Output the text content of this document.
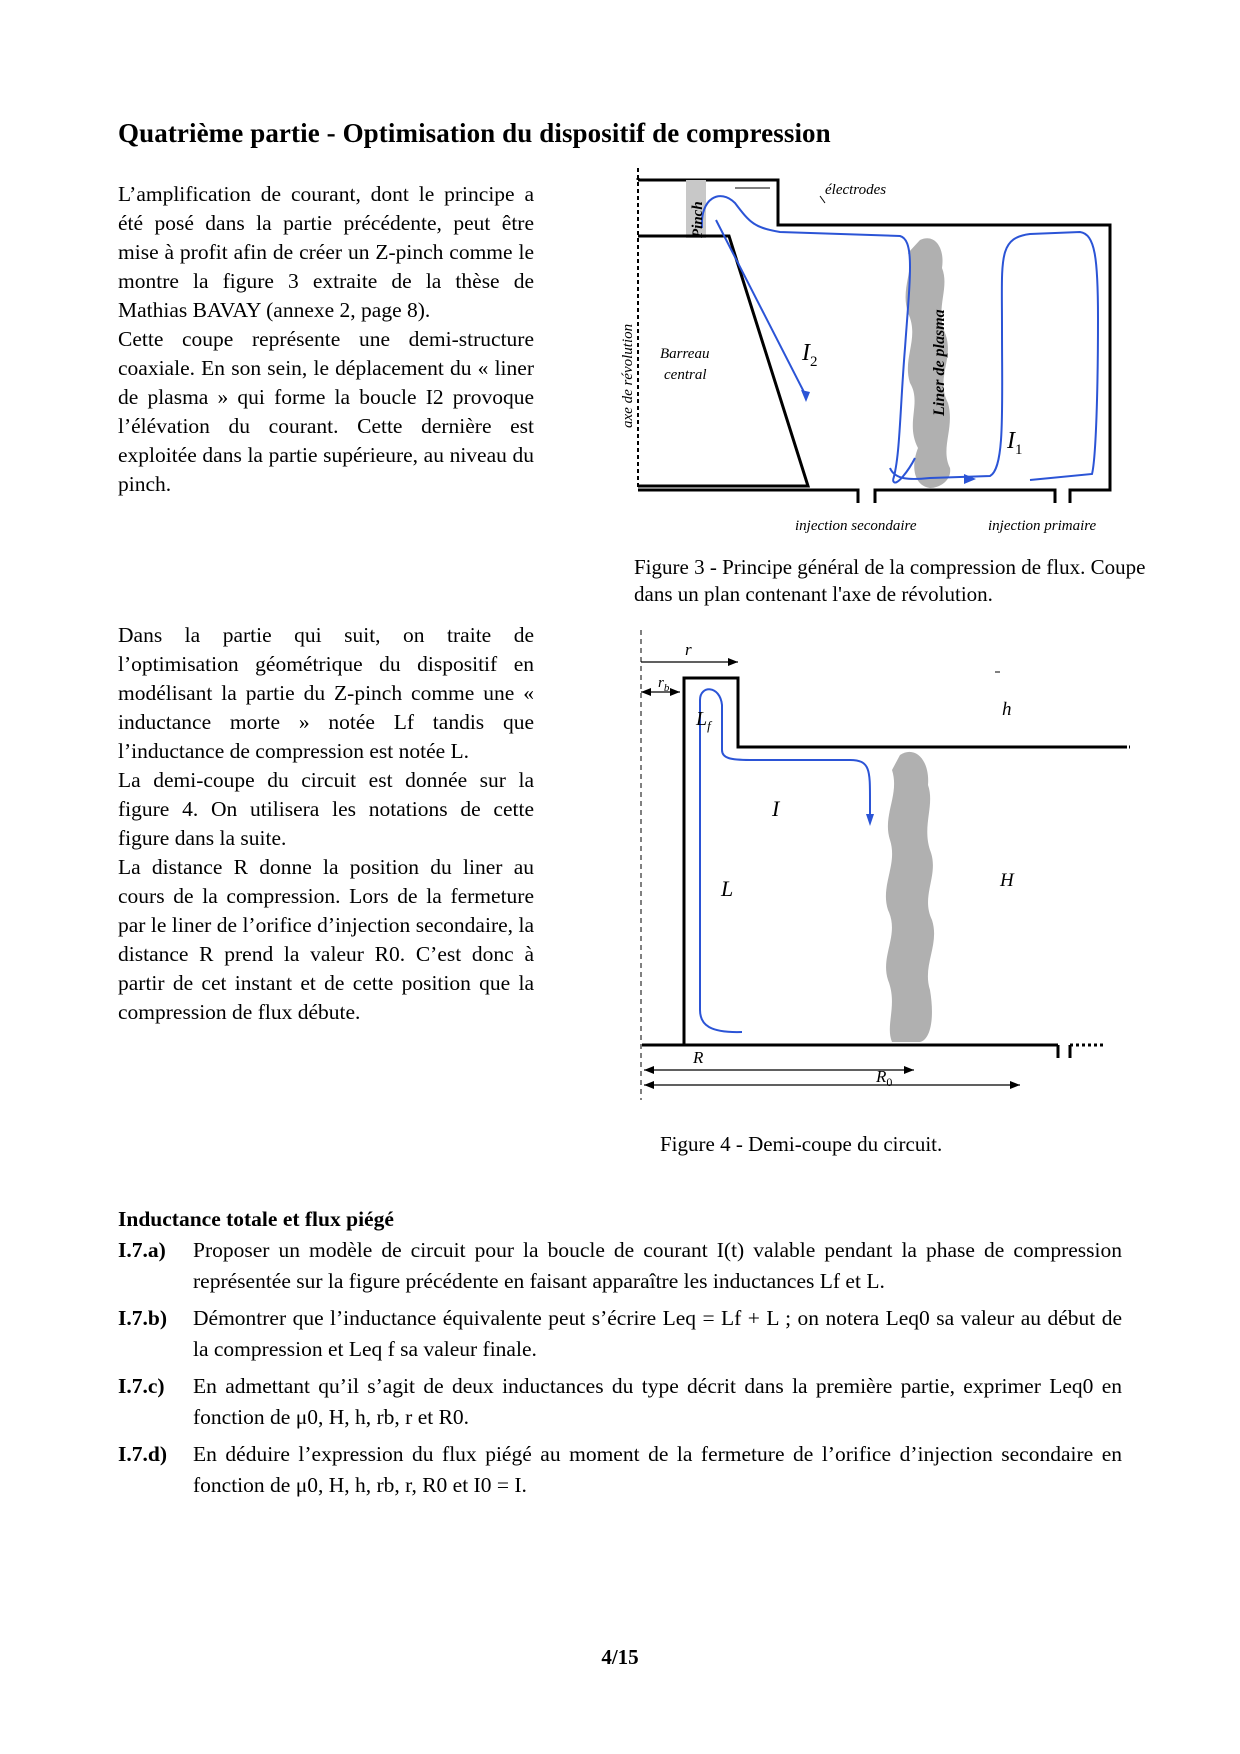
Quatrième partie - Optimisation du dispositif de compression

L’amplification de courant, dont le principe a été posé dans la partie précédente, peut être mise à profit afin de créer un Z-pinch comme le montre la figure 3 extraite de la thèse de Mathias BAVAY (annexe 2, page 8).

Cette coupe représente une demi-structure coaxiale. En son sein, le déplacement du « liner de plasma » qui forme la boucle I2 provoque l’élévation du courant. Cette dernière est exploitée dans la partie supérieure, au niveau du pinch.

Dans la partie qui suit, on traite de l’optimisation géométrique du dispositif en modélisant la partie du Z-pinch comme une « inductance morte » notée Lf tandis que l’inductance de compression est notée L.

La demi-coupe du circuit est donnée sur la figure 4. On utilisera les notations de cette figure dans la suite.

La distance R donne la position du liner au cours de la compression. Lors de la fermeture par le liner de l’orifice d’injection secondaire, la distance R prend la valeur R0. C’est donc à partir de cet instant et de cette position que la compression de flux débute.

Pinch
électrodes
axe de révolution Barreau
central	Liner de plasma
$I_2$
$I_1$
injection secondaire	injection primaire
Figure 3 - Principe général de la compression de flux. Coupe dans un plan contenant l'axe de révolution.
r
$r_b$
$L_f$
h
I
L	H
R
$R_0$
Figure 4 - Demi-coupe du circuit.
Inductance totale et flux piégé
I.7.a)	Proposer un modèle de circuit pour la boucle de courant I(t) valable pendant la phase de compression représentée sur la figure précédente en faisant apparaître les inductances Lf et L.
I.7.b)	Démontrer que l’inductance équivalente peut s’écrire Leq = Lf + L ; on notera Leq0 sa valeur au début de la compression et Leq f sa valeur finale.
I.7.c)	En admettant qu’il s’agit de deux inductances du type décrit dans la première partie, exprimer Leq0 en fonction de μ0, H, h, rb, r et R0.
I.7.d)	En déduire l’expression du flux piégé au moment de la fermeture de l’orifice d’injection secondaire en fonction de μ0, H, h, rb, r, R0 et I0 = I.
4/15
